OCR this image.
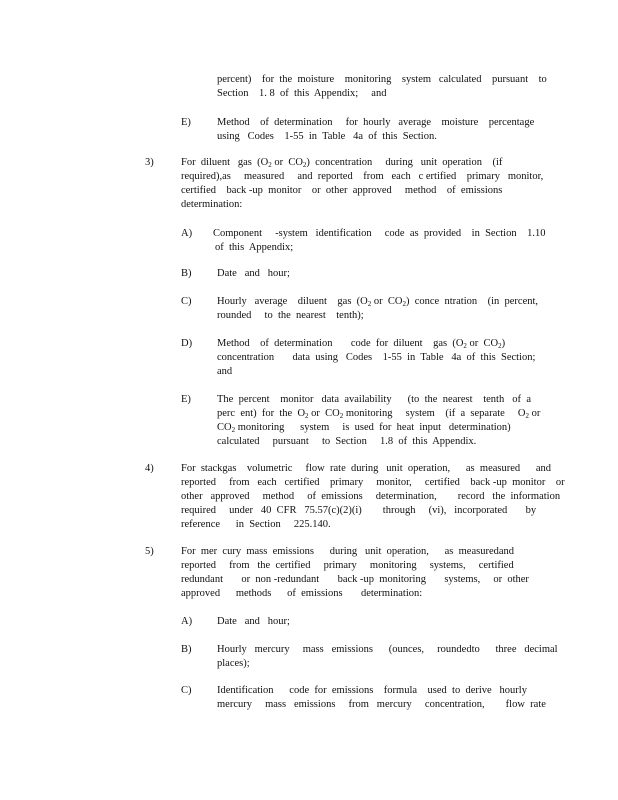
percent)    for  the  moisture    monitoring    system   calculated    pursuant    to
Section    1. 8  of  this  Appendix;     and
E) Method    of  determination     for  hourly   average    moisture    percentage
using   Codes    1-55  in  Table   4a  of  this  Section.
3)	For  diluent   gas  ($O_2$ or  $CO_2$)  concentration     during   unit  operation    (if
required),as     measured     and  reported    from   each   c ertified    primary   monitor,
certified    back -up  monitor    or  other  approved     method    of  emissions
determination:
A) Component     -system   identification     code  as  provided    in  Section    1.10
of  this  Appendix;
B) Date   and   hour;
C) Hourly   average    diluent    gas  ($O_2$ or  $CO_2$)  conce  ntration    (in  percent,
rounded     to  the  nearest    tenth);
D) Method    of  determination       code  for  diluent    gas  ($O_2$ or  $CO_2$)
concentration       data  using   Codes    1-55  in  Table   4a  of  this  Section;
and
E) The  percent    monitor   data  availability      (to  the  nearest    tenth   of  a
perc  ent)  for  the  $O_2$ or  $CO_2$ monitoring     system    (if  a  separate     $O_2$ or
$CO_2$ monitoring      system     is  used  for  heat  input   determination)
calculated     pursuant     to  Section     1.8  of  this  Appendix.
4)	For  stackgas    volumetric     flow  rate  during   unit  operation,      as  measured      and
reported     from   each   certified    primary     monitor,     certified    back -up  monitor    or
other   approved     method     of  emissions     determination,        record   the  information
required     under   40  CFR   75.57(c)(2)(i)        through     (vi),   incorporated       by
reference      in  Section     225.140.
5)	For  mer  cury  mass  emissions      during   unit  operation,      as  measuredand
reported     from   the  certified     primary     monitoring     systems,     certified
redundant       or  non -redundant       back -up  monitoring       systems,     or  other
approved      methods      of  emissions       determination:
A) Date   and   hour;
B) Hourly   mercury     mass   emissions      (ounces,     roundedto      three   decimal
places);
C) Identification      code  for  emissions    formula    used  to  derive   hourly
mercury     mass   emissions     from   mercury     concentration,        flow  rate
